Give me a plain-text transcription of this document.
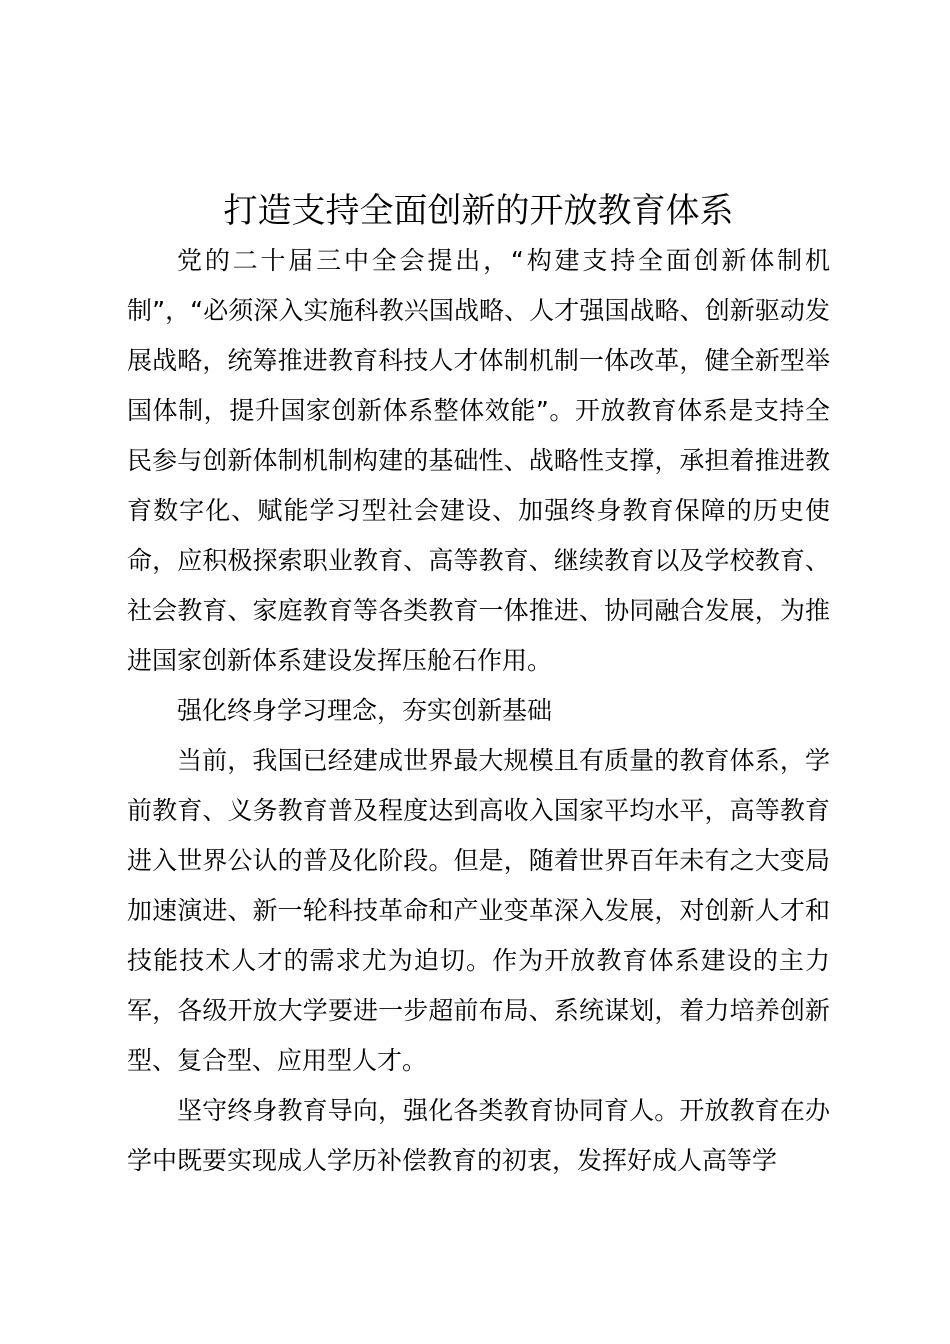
打造支持全面创新的开放教育体系

党的二十届三中全会提出，“构建支持全面创新体制机制”，“必须深入实施科教兴国战略、人才强国战略、创新驱动发展战略，统筹推进教育科技人才体制机制一体改革，健全新型举国体制，提升国家创新体系整体效能”。开放教育体系是支持全民参与创新体制机制构建的基础性、战略性支撑，承担着推进教育数字化、赋能学习型社会建设、加强终身教育保障的历史使命，应积极探索职业教育、高等教育、继续教育以及学校教育、社会教育、家庭教育等各类教育一体推进、协同融合发展，为推进国家创新体系建设发挥压舱石作用。

强化终身学习理念，夯实创新基础

当前，我国已经建成世界最大规模且有质量的教育体系，学前教育、义务教育普及程度达到高收入国家平均水平，高等教育进入世界公认的普及化阶段。但是，随着世界百年未有之大变局加速演进、新一轮科技革命和产业变革深入发展，对创新人才和技能技术人才的需求尤为迫切。作为开放教育体系建设的主力军，各级开放大学要进一步超前布局、系统谋划，着力培养创新型、复合型、应用型人才。

坚守终身教育导向，强化各类教育协同育人。开放教育在办学中既要实现成人学历补偿教育的初衷，发挥好成人高等学
